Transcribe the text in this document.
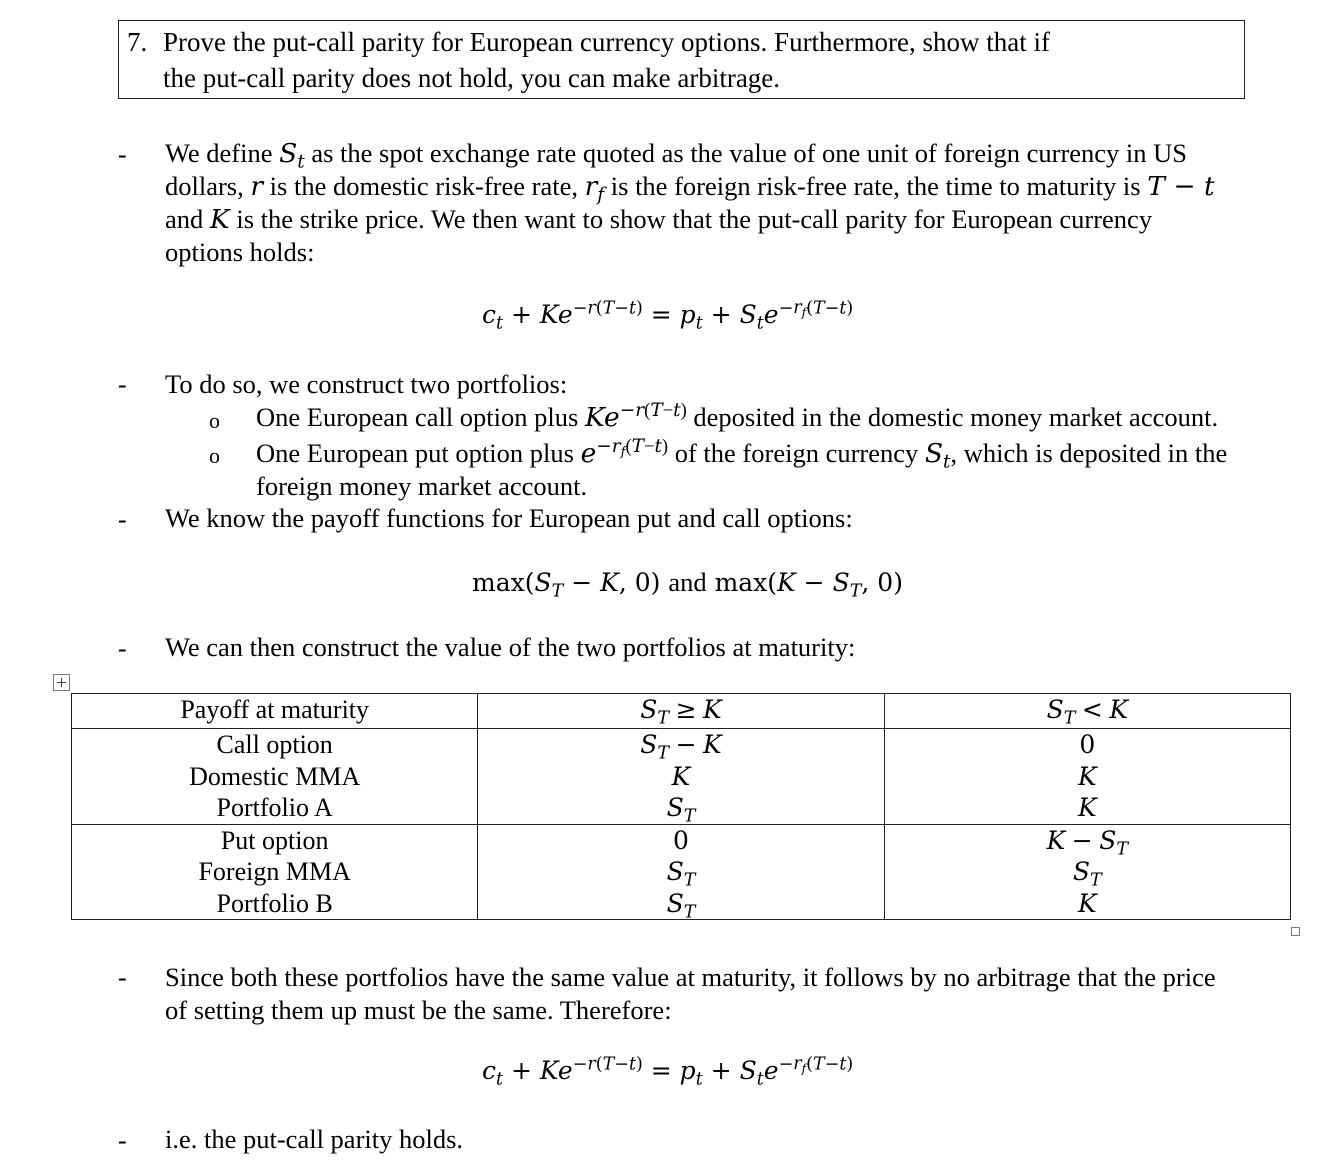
7. Prove the put-call parity for European currency options. Furthermore, show that if
the put-call parity does not hold, you can make arbitrage.
- We define $S_t$ as the spot exchange rate quoted as the value of one unit of foreign currency in US
dollars, r is the domestic risk-free rate, $r_f$ is the foreign risk-free rate, the time to maturity is T − t
and K is the strike price. We then want to show that the put-call parity for European currency
options holds:
$c_t + Ke^{-r(T-t)} = p_t + S_te^{-r_f(T-t)}$
- To do so, we construct two portfolios:
o One European call option plus $Ke^{-r(T-t)}$ deposited in the domestic money market account.
o One European put option plus $e^{-r_f(T-t)}$ of the foreign currency $S_t$, which is deposited in the
foreign money market account.
- We know the payoff functions for European put and call options:
$\max(S_T - K$, 0) and $\max(K - S_T$, 0)
- We can then construct the value of the two portfolios at maturity:
Payoff at maturity	$S_T \ge K$	$S_T < K$
Call option	$S_T - K$	0
Domestic MMA	K	K
Portfolio A	$S_T$	K
Put option	0	$K - S_T$
Foreign MMA	$S_T$	$S_T$
Portfolio B	$S_T$	K
- Since both these portfolios have the same value at maturity, it follows by no arbitrage that the price
of setting them up must be the same. Therefore:
$c_t + Ke^{-r(T-t)} = p_t + S_te^{-r_f(T-t)}$
- i.e. the put-call parity holds.
